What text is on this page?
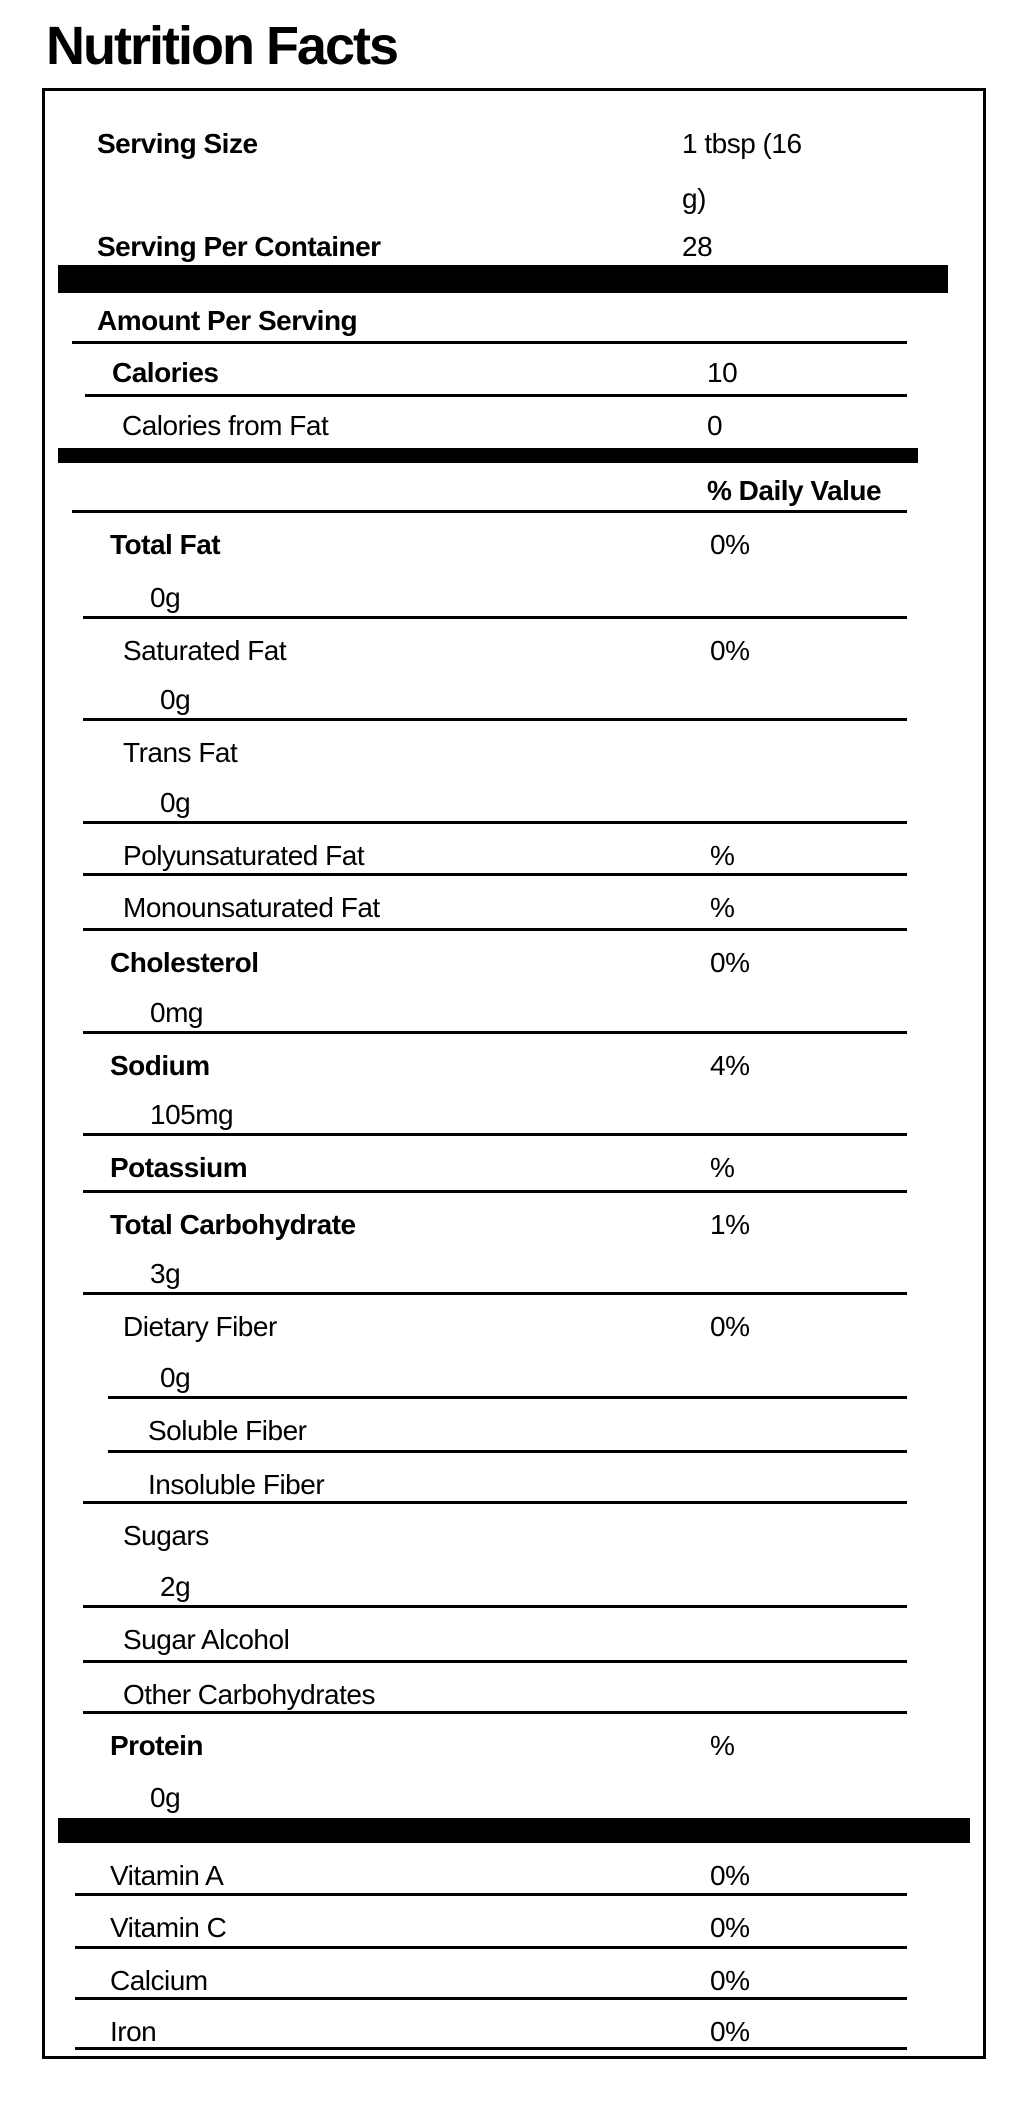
Nutrition Facts
Serving Size	1 tbsp (16
g)
Serving Per Container	28
Amount Per Serving
Calories	10
Calories from Fat	0
% Daily Value
Total Fat	0%
0g
Saturated Fat	0%
0g
Trans Fat
0g
Polyunsaturated Fat	%
Monounsaturated Fat	%
Cholesterol	0%
0mg
Sodium	4%
105mg
Potassium	%
Total Carbohydrate	1%
3g
Dietary Fiber	0%
0g
Soluble Fiber
Insoluble Fiber
Sugars
2g
Sugar Alcohol
Other Carbohydrates
Protein	%
0g
Vitamin A	0%
Vitamin C	0%
Calcium	0%
Iron	0%
